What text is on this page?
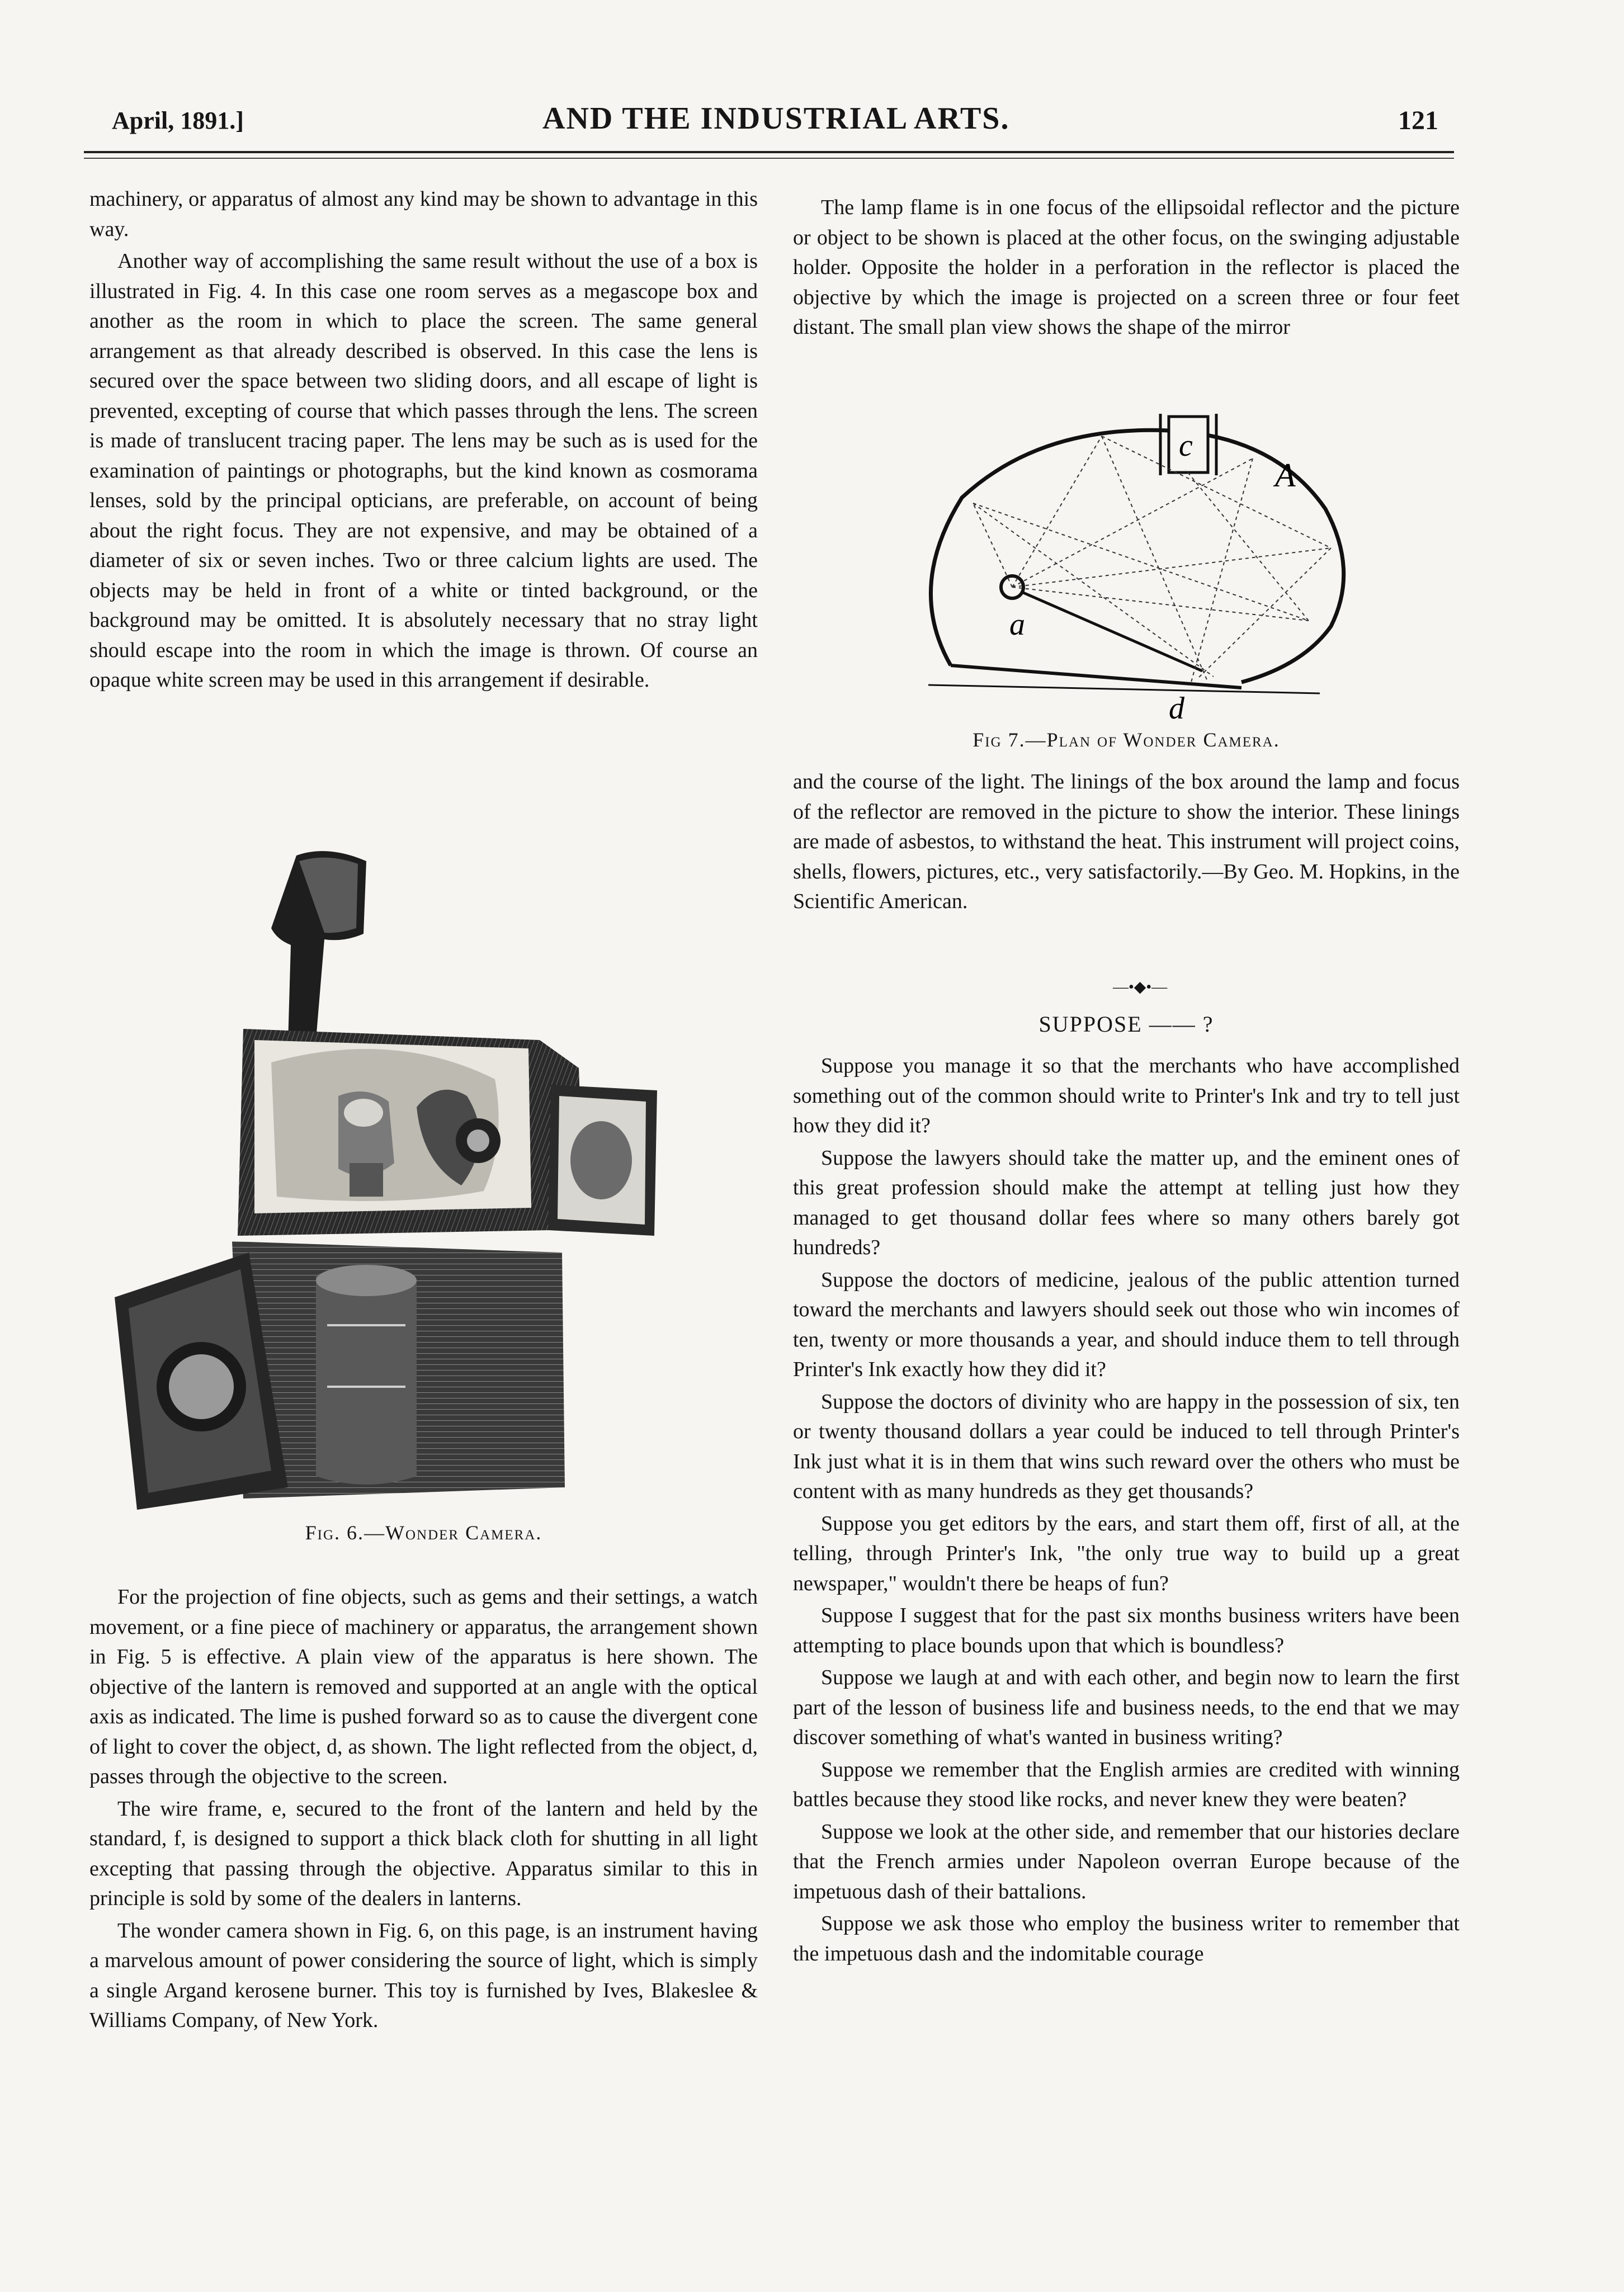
April, 1891.]	AND THE INDUSTRIAL ARTS.	121

machinery, or apparatus of almost any kind may be shown to advantage in this way.

Another way of accomplishing the same result without the use of a box is illustrated in Fig. 4. In this case one room serves as a megascope box and another as the room in which to place the screen. The same general arrangement as that already described is observed. In this case the lens is secured over the space between two sliding doors, and all escape of light is prevented, excepting of course that which passes through the lens. The screen is made of translucent tracing paper. The lens may be such as is used for the examination of paintings or photographs, but the kind known as cosmorama lenses, sold by the principal opticians, are preferable, on account of being about the right focus. They are not expensive, and may be obtained of a diameter of six or seven inches. Two or three calcium lights are used. The objects may be held in front of a white or tinted background, or the background may be omitted. It is absolutely necessary that no stray light should escape into the room in which the image is thrown. Of course an opaque white screen may be used in this arrangement if desirable.

Fig. 6.—Wonder Camera.

For the projection of fine objects, such as gems and their settings, a watch movement, or a fine piece of machinery or apparatus, the arrangement shown in Fig. 5 is effective. A plain view of the apparatus is here shown. The objective of the lantern is removed and supported at an angle with the optical axis as indicated. The lime is pushed forward so as to cause the divergent cone of light to cover the object, d, as shown. The light reflected from the object, d, passes through the objective to the screen.

The wire frame, e, secured to the front of the lantern and held by the standard, f, is designed to support a thick black cloth for shutting in all light excepting that passing through the objective. Apparatus similar to this in principle is sold by some of the dealers in lanterns.

The wonder camera shown in Fig. 6, on this page, is an instrument having a marvelous amount of power considering the source of light, which is simply a single Argand kerosene burner. This toy is furnished by Ives, Blakeslee & Williams Company, of New York.

The lamp flame is in one focus of the ellipsoidal reflector and the picture or object to be shown is placed at the other focus, on the swinging adjustable holder. Opposite the holder in a perforation in the reflector is placed the objective by which the image is projected on a screen three or four feet distant. The small plan view shows the shape of the mirror

c
A
a
d
Fig 7.—Plan of Wonder Camera.

and the course of the light. The linings of the box around the lamp and focus of the reflector are removed in the picture to show the interior. These linings are made of asbestos, to withstand the heat. This instrument will project coins, shells, flowers, pictures, etc., very satisfactorily.—By Geo. M. Hopkins, in the Scientific American.

—•◆•—
SUPPOSE —— ?

Suppose you manage it so that the merchants who have accomplished something out of the common should write to Printer's Ink and try to tell just how they did it?

Suppose the lawyers should take the matter up, and the eminent ones of this great profession should make the attempt at telling just how they managed to get thousand dollar fees where so many others barely got hundreds?

Suppose the doctors of medicine, jealous of the public attention turned toward the merchants and lawyers should seek out those who win incomes of ten, twenty or more thousands a year, and should induce them to tell through Printer's Ink exactly how they did it?

Suppose the doctors of divinity who are happy in the possession of six, ten or twenty thousand dollars a year could be induced to tell through Printer's Ink just what it is in them that wins such reward over the others who must be content with as many hundreds as they get thousands?

Suppose you get editors by the ears, and start them off, first of all, at the telling, through Printer's Ink, "the only true way to build up a great newspaper," wouldn't there be heaps of fun?

Suppose I suggest that for the past six months business writers have been attempting to place bounds upon that which is boundless?

Suppose we laugh at and with each other, and begin now to learn the first part of the lesson of business life and business needs, to the end that we may discover something of what's wanted in business writing?

Suppose we remember that the English armies are credited with winning battles because they stood like rocks, and never knew they were beaten?

Suppose we look at the other side, and remember that our histories declare that the French armies under Napoleon overran Europe because of the impetuous dash of their battalions.

Suppose we ask those who employ the business writer to remember that the impetuous dash and the indomitable courage
